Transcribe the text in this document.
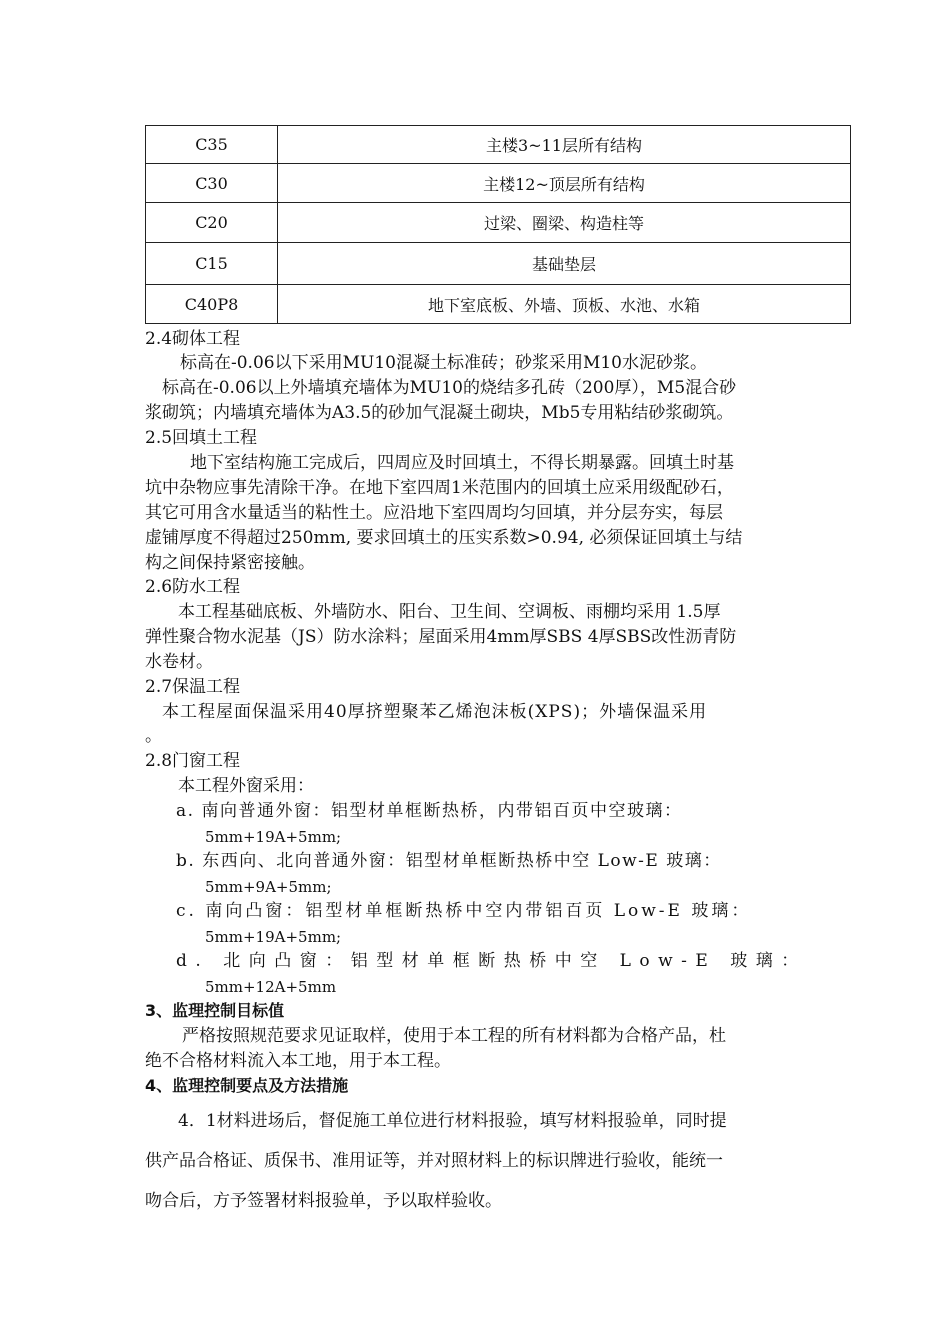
C35	主楼3~11层所有结构
C30	主楼12~顶层所有结构
C20	过梁、圈梁、构造柱等
C15	基础垫层
C40P8	地下室底板、外墙、顶板、水池、水箱
2.4砌体工程
标高在-0.06以下采用MU10混凝土标准砖；砂浆采用M10水泥砂浆。
标高在-0.06以上外墙填充墙体为MU10的烧结多孔砖（200厚），M5混合砂
浆砌筑；内墙填充墙体为A3.5的砂加气混凝土砌块，Mb5专用粘结砂浆砌筑。
2.5回填土工程
地下室结构施工完成后，四周应及时回填土，不得长期暴露。回填土时基
坑中杂物应事先清除干净。在地下室四周1米范围内的回填土应采用级配砂石，
其它可用含水量适当的粘性土。应沿地下室四周均匀回填，并分层夯实，每层
虚铺厚度不得超过250mm, 要求回填土的压实系数>0.94, 必须保证回填土与结
构之间保持紧密接触。
2.6防水工程
本工程基础底板、外墙防水、阳台、卫生间、空调板、雨棚均采用 1.5厚
弹性聚合物水泥基（JS）防水涂料；屋面采用4mm厚SBS 4厚SBS改性沥青防
水卷材。
2.7保温工程
本工程屋面保温采用40厚挤塑聚苯乙烯泡沫板(XPS)；外墙保温采用
。
2.8门窗工程
本工程外窗采用：
a. 南向普通外窗：铝型材单框断热桥，内带铝百页中空玻璃：
5mm+19A+5mm;
b. 东西向、北向普通外窗：铝型材单框断热桥中空 Low-E 玻璃：
5mm+9A+5mm;
c. 南向凸窗：铝型材单框断热桥中空内带铝百页 Low-E 玻璃：
5mm+19A+5mm;
d. 北向凸窗：铝型材单框断热桥中空 Low-E 玻璃：
5mm+12A+5mm
3、监理控制目标值
严格按照规范要求见证取样，使用于本工程的所有材料都为合格产品，杜
绝不合格材料流入本工地，用于本工程。
4、监理控制要点及方法措施
4．1材料进场后，督促施工单位进行材料报验，填写材料报验单，同时提
供产品合格证、质保书、准用证等，并对照材料上的标识牌进行验收，能统一
吻合后，方予签署材料报验单，予以取样验收。
